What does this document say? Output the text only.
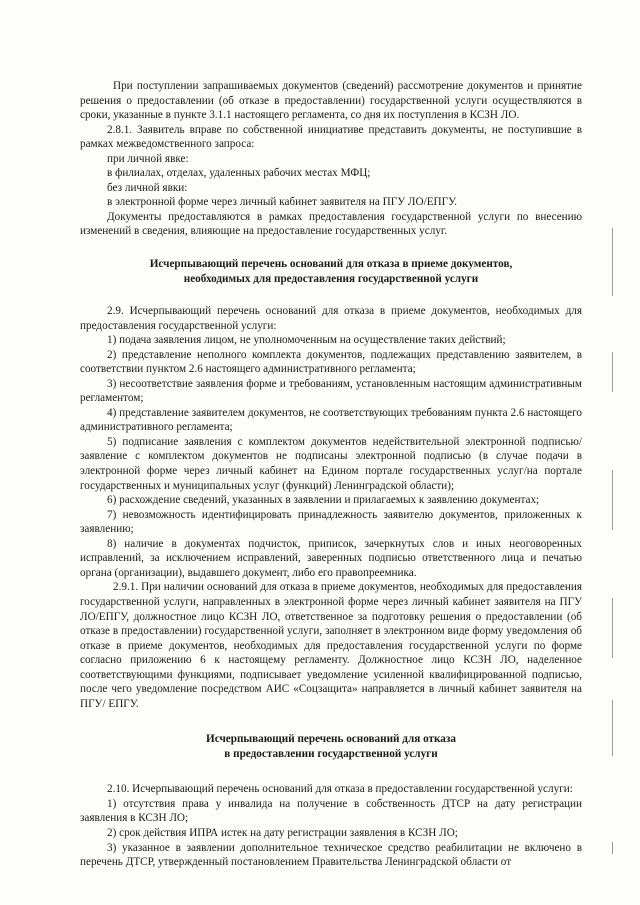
При поступлении запрашиваемых документов (сведений) рассмотрение документов и принятие решения о предоставлении (об отказе в предоставлении) государственной услуги осуществляются в сроки, указанные в пункте 3.1.1 настоящего регламента, со дня их поступления в КСЗН ЛО.

2.8.1. Заявитель вправе по собственной инициативе представить документы, не поступившие в рамках межведомственного запроса:

при личной явке:

в филиалах, отделах, удаленных рабочих местах МФЦ;

без личной явки:

в электронной форме через личный кабинет заявителя на ПГУ ЛО/ЕПГУ.

Документы предоставляются в рамках предоставления государственной услуги по внесению изменений в сведения, влияющие на предоставление государственных услуг.

Исчерпывающий перечень оснований для отказа в приеме документов,
необходимых для предоставления государственной услуги

2.9. Исчерпывающий перечень оснований для отказа в приеме документов, необходимых для предоставления государственной услуги:

1) подача заявления лицом, не уполномоченным на осуществление таких действий;

2) представление неполного комплекта документов, подлежащих представлению заявителем, в соответствии пунктом 2.6 настоящего административного регламента;

3) несоответствие заявления форме и требованиям, установленным настоящим административным регламентом;

4) представление заявителем документов, не соответствующих требованиям пункта 2.6 настоящего административного регламента;

5) подписание заявления с комплектом документов недействительной электронной подписью/заявление с комплектом документов не подписаны электронной подписью (в случае подачи в электронной форме через личный кабинет на Едином портале государственных услуг/на портале государственных и муниципальных услуг (функций) Ленинградской области);

6) расхождение сведений, указанных в заявлении и прилагаемых к заявлению документах;

7) невозможность идентифицировать принадлежность заявителю документов, приложенных к заявлению;

8) наличие в документах подчисток, приписок, зачеркнутых слов и иных неоговоренных исправлений, за исключением исправлений, заверенных подписью ответственного лица и печатью органа (организации), выдавшего документ, либо его правопреемника.

2.9.1. При наличии оснований для отказа в приеме документов, необходимых для предоставления государственной услуги, направленных в электронной форме через личный кабинет заявителя на ПГУ ЛО/ЕПГУ, должностное лицо КСЗН ЛО, ответственное за подготовку решения о предоставлении (об отказе в предоставлении) государственной услуги, заполняет в электронном виде форму уведомления об отказе в приеме документов, необходимых для предоставления государственной услуги по форме согласно приложению 6 к настоящему регламенту. Должностное лицо КСЗН ЛО, наделенное соответствующими функциями, подписывает уведомление усиленной квалифицированной подписью, после чего уведомление посредством АИС «Соцзащита» направляется в личный кабинет заявителя на ПГУ/ ЕПГУ.

Исчерпывающий перечень оснований для отказа
в предоставлении государственной услуги

2.10. Исчерпывающий перечень оснований для отказа в предоставлении государственной услуги:

1) отсутствия права у инвалида на получение в собственность ДТСР на дату регистрации заявления в КСЗН ЛО;

2) срок действия ИПРА истек на дату регистрации заявления в КСЗН ЛО;

3) указанное в заявлении дополнительное техническое средство реабилитации не включено в перечень ДТСР, утвержденный постановлением Правительства Ленинградской области от
